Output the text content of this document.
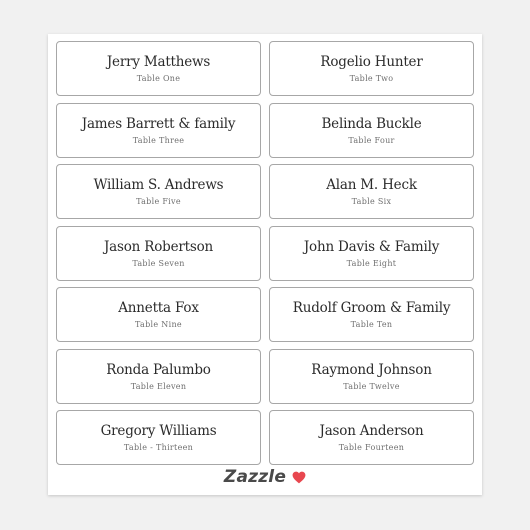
Jerry Matthews
Table One
Rogelio Hunter
Table Two
James Barrett & family
Table Three
Belinda Buckle
Table Four
William S. Andrews
Table Five
Alan M. Heck
Table Six
Jason Robertson
Table Seven
John Davis & Family
Table Eight
Annetta Fox
Table Nine
Rudolf Groom & Family
Table Ten
Ronda Palumbo
Table Eleven
Raymond Johnson
Table Twelve
Gregory Williams
Table - Thirteen
Jason Anderson
Table Fourteen
Zazzle
